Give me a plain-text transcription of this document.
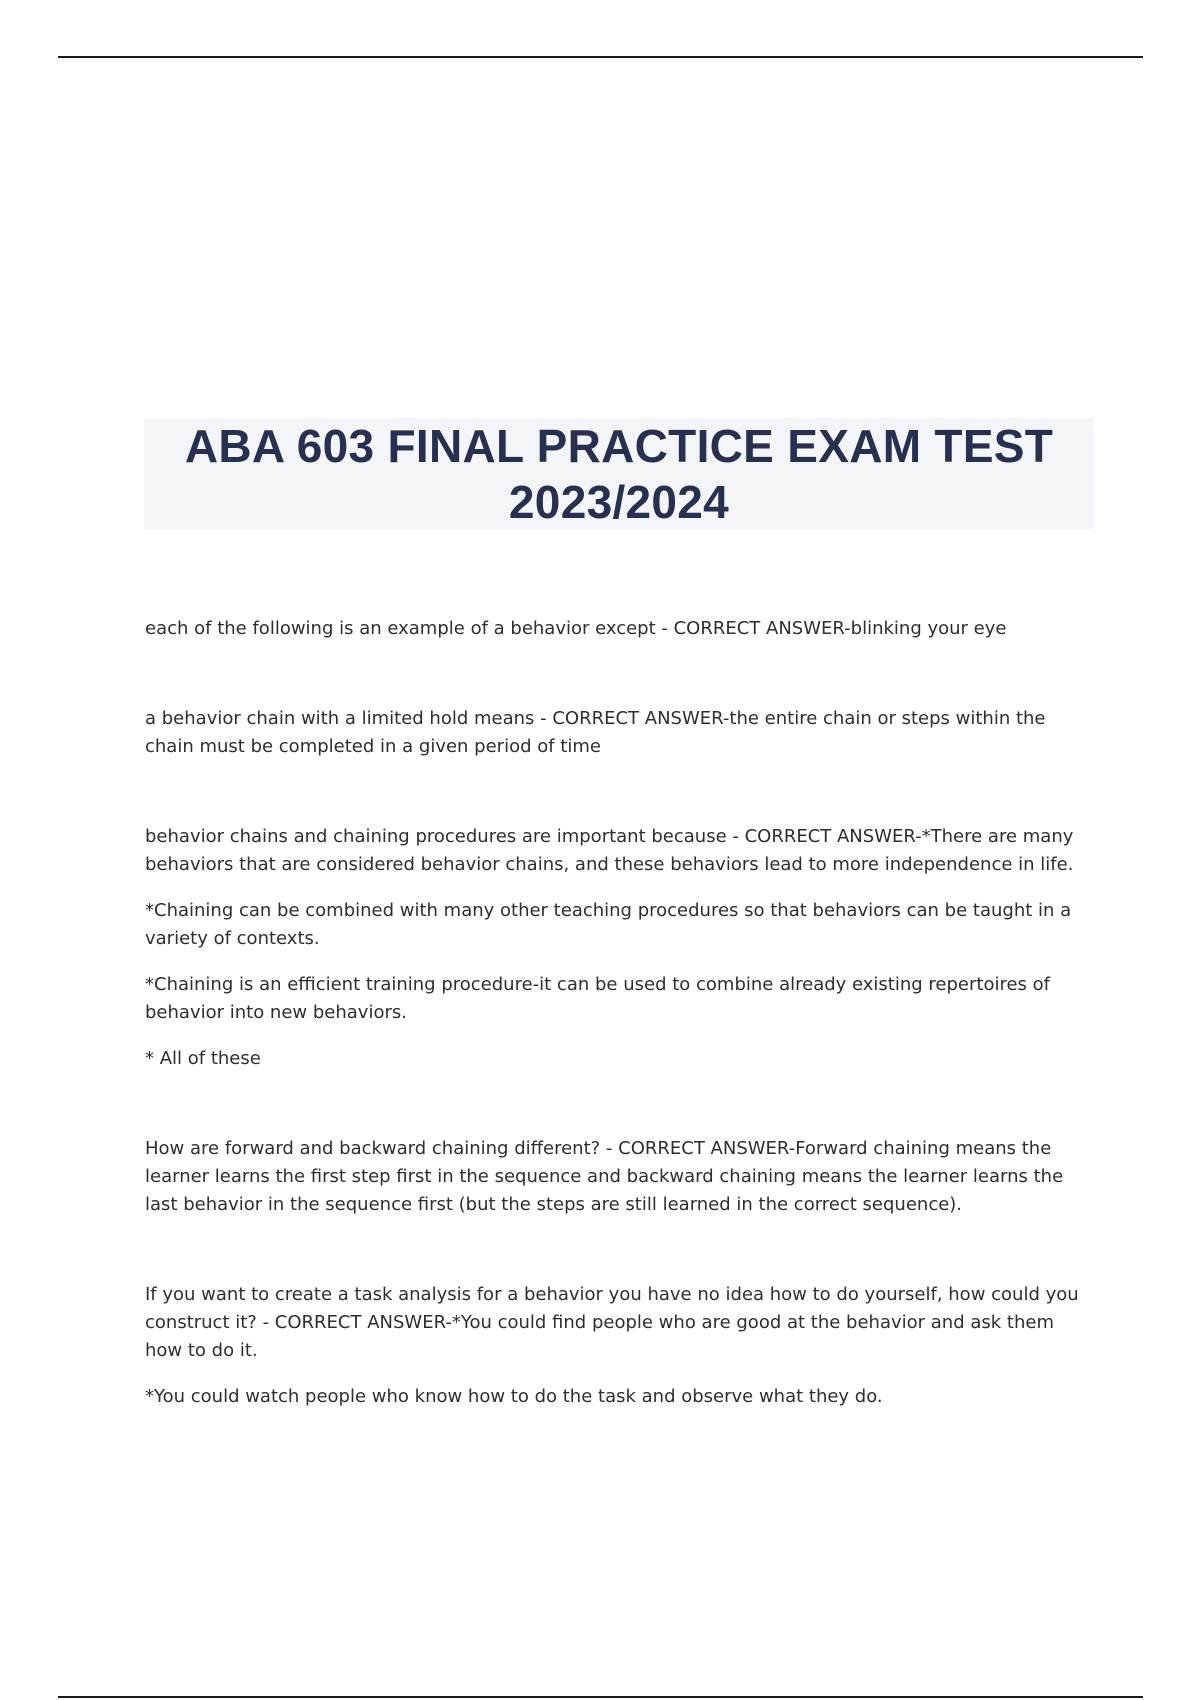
ABA 603 FINAL PRACTICE EXAM TEST
2023/2024

each of the following is an example of a behavior except - CORRECT ANSWER-blinking your eye

a behavior chain with a limited hold means - CORRECT ANSWER-the entire chain or steps within the chain must be completed in a given period of time

behavior chains and chaining procedures are important because - CORRECT ANSWER-*There are many behaviors that are considered behavior chains, and these behaviors lead to more independence in life.

*Chaining can be combined with many other teaching procedures so that behaviors can be taught in a variety of contexts.

*Chaining is an efficient training procedure-it can be used to combine already existing repertoires of behavior into new behaviors.

* All of these

How are forward and backward chaining different? - CORRECT ANSWER-Forward chaining means the learner learns the first step first in the sequence and backward chaining means the learner learns the last behavior in the sequence first (but the steps are still learned in the correct sequence).

If you want to create a task analysis for a behavior you have no idea how to do yourself, how could you construct it? - CORRECT ANSWER-*You could find people who are good at the behavior and ask them how to do it.

*You could watch people who know how to do the task and observe what they do.
